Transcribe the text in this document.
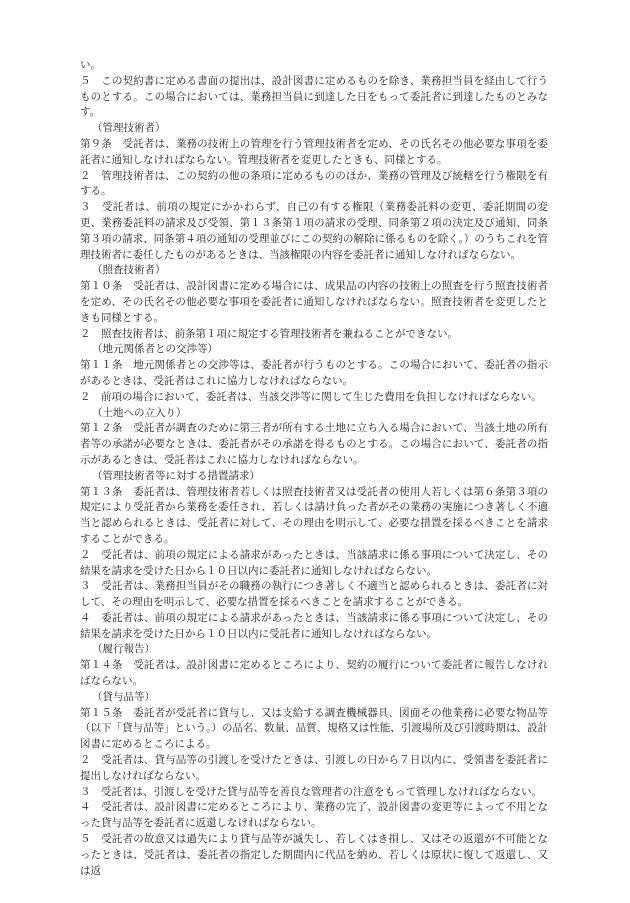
い。

５　この契約書に定める書面の提出は、設計図書に定めるものを除き、業務担当員を経由して行うものとする。この場合においては、業務担当員に到達した日をもって委託者に到達したものとみなす。

（管理技術者）

第９条　受託者は、業務の技術上の管理を行う管理技術者を定め、その氏名その他必要な事項を委託者に通知しなければならない。管理技術者を変更したときも、同様とする。

２　管理技術者は、この契約の他の条項に定めるもののほか、業務の管理及び統轄を行う権限を有する。

３　受託者は、前項の規定にかかわらず、自己の有する権限（業務委託料の変更、委託期間の変更、業務委託料の請求及び受領、第１３条第１項の請求の受理、同条第２項の決定及び通知、同条第３項の請求、同条第４項の通知の受理並びにこの契約の解除に係るものを除く。）のうちこれを管理技術者に委任したものがあるときは、当該権限の内容を委託者に通知しなければならない。

（照査技術者）

第１０条　受託者は、設計図書に定める場合には、成果品の内容の技術上の照査を行う照査技術者を定め、その氏名その他必要な事項を委託者に通知しなければならない。照査技術者を変更したときも同様とする。

２　照査技術者は、前条第１項に規定する管理技術者を兼ねることができない。

（地元関係者との交渉等）

第１１条　地元関係者との交渉等は、委託者が行うものとする。この場合において、委託者の指示があるときは、受託者はこれに協力しなければならない。

２　前項の場合において、委託者は、当該交渉等に関して生じた費用を負担しなければならない。

（土地への立入り）

第１２条　受託者が調査のために第三者が所有する土地に立ち入る場合において、当該土地の所有者等の承諾が必要なときは、委託者がその承諾を得るものとする。この場合において、委託者の指示があるときは、受託者はこれに協力しなければならない。

（管理技術者等に対する措置請求）

第１３条　委託者は、管理技術者若しくは照査技術者又は受託者の使用人若しくは第６条第３項の規定により受託者から業務を委任され、若しくは請け負った者がその業務の実施につき著しく不適当と認められるときは、受託者に対して、その理由を明示して、必要な措置を採るべきことを請求することができる。

２　受託者は、前項の規定による請求があったときは、当該請求に係る事項について決定し、その結果を請求を受けた日から１０日以内に委託者に通知しなければならない。

３　受託者は、業務担当員がその職務の執行につき著しく不適当と認められるときは、委託者に対して、その理由を明示して、必要な措置を採るべきことを請求することができる。

４　委託者は、前項の規定による請求があったときは、当該請求に係る事項について決定し、その結果を請求を受けた日から１０日以内に受託者に通知しなければならない。

（履行報告）

第１４条　受託者は、設計図書に定めるところにより、契約の履行について委託者に報告しなければならない。

（貸与品等）

第１５条　委託者が受託者に貸与し、又は支給する調査機械器具、図面その他業務に必要な物品等（以下「貸与品等」という。）の品名、数量、品質、規格又は性能、引渡場所及び引渡時期は、設計図書に定めるところによる。

２　受託者は、貸与品等の引渡しを受けたときは、引渡しの日から７日以内に、受領書を委託者に提出しなければならない。

３　受託者は、引渡しを受けた貸与品等を善良な管理者の注意をもって管理しなければならない。

４　受託者は、設計図書に定めるところにより、業務の完了、設計図書の変更等によって不用となった貸与品等を委託者に返還しなければならない。

５　受託者の故意又は過失により貸与品等が滅失し、若しくはき損し、又はその返還が不可能となったときは、受託者は、委託者の指定した期間内に代品を納め、若しくは原状に復して返還し、又は返
